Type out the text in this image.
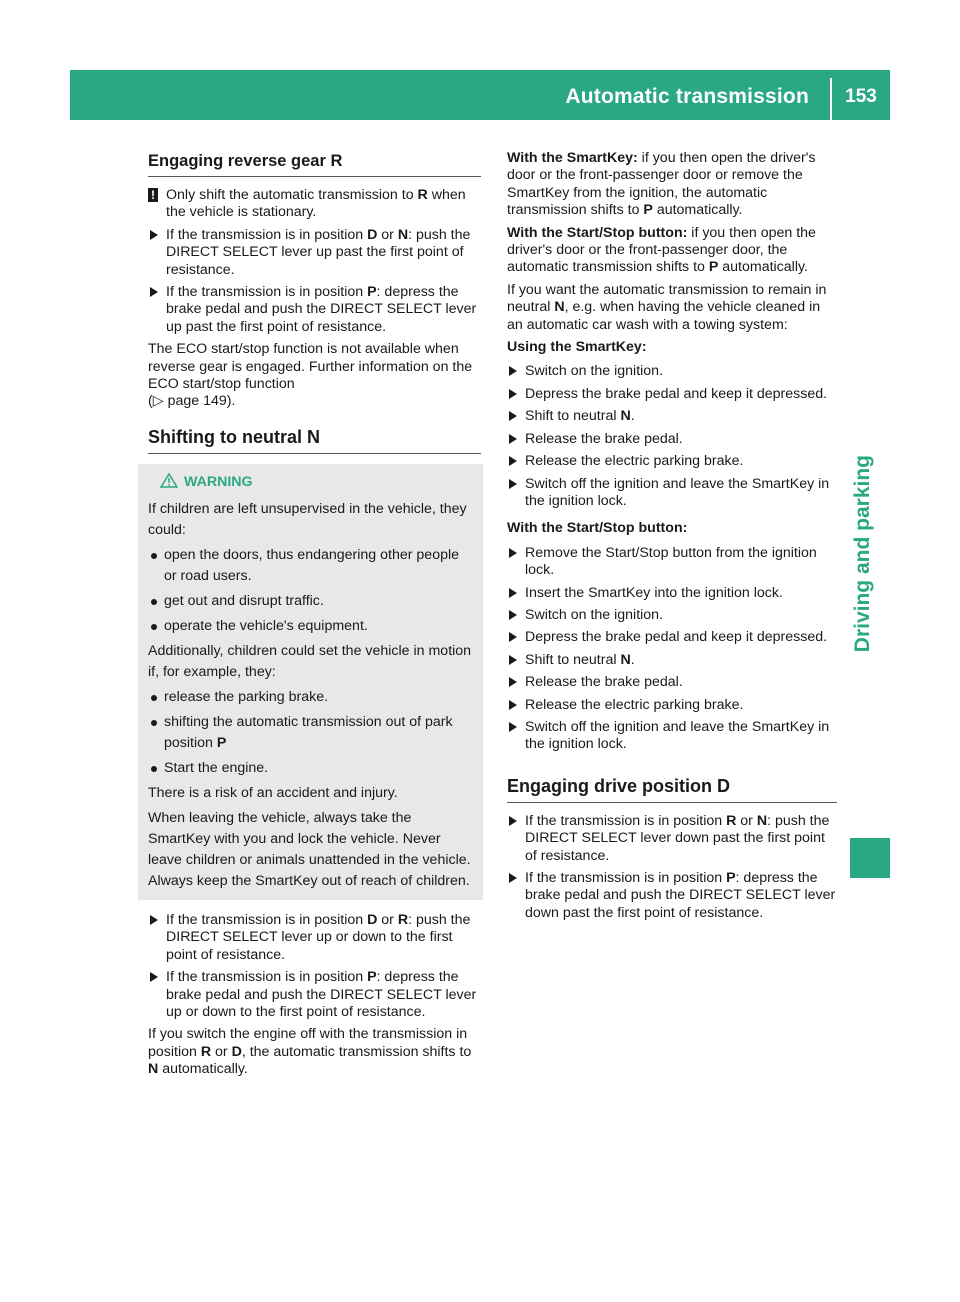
Automatic transmission	153
Driving and parking
Engaging reverse gear R
! Only shift the automatic transmission to R when the vehicle is stationary.
If the transmission is in position D or N: push the DIRECT SELECT lever up past the first point of resistance.
If the transmission is in position P: depress the brake pedal and push the DIRECT SELECT lever up past the first point of resistance.

The ECO start/stop function is not available when reverse gear is engaged. Further information on the ECO start/stop function
(▷ page 149).

Shifting to neutral N
WARNING

If children are left unsupervised in the vehicle, they could:

open the doors, thus endangering other people or road users.
get out and disrupt traffic.
operate the vehicle's equipment.

Additionally, children could set the vehicle in motion if, for example, they:

release the parking brake.
shifting the automatic transmission out of park position P
Start the engine.

There is a risk of an accident and injury.

When leaving the vehicle, always take the SmartKey with you and lock the vehicle. Never leave children or animals unattended in the vehicle. Always keep the SmartKey out of reach of children.

If the transmission is in position D or R: push the DIRECT SELECT lever up or down to the first point of resistance.
If the transmission is in position P: depress the brake pedal and push the DIRECT SELECT lever up or down to the first point of resistance.

If you switch the engine off with the transmission in position R or D, the automatic transmission shifts to N automatically.

With the SmartKey: if you then open the driver's door or the front-passenger door or remove the SmartKey from the ignition, the automatic transmission shifts to P automatically.

With the Start/Stop button: if you then open the driver's door or the front-passenger door, the automatic transmission shifts to P automatically.

If you want the automatic transmission to remain in neutral N, e.g. when having the vehicle cleaned in an automatic car wash with a towing system:

Using the SmartKey:

Switch on the ignition.
Depress the brake pedal and keep it depressed.
Shift to neutral N.
Release the brake pedal.
Release the electric parking brake.
Switch off the ignition and leave the SmartKey in the ignition lock.

With the Start/Stop button:

Remove the Start/Stop button from the ignition lock.
Insert the SmartKey into the ignition lock.
Switch on the ignition.
Depress the brake pedal and keep it depressed.
Shift to neutral N.
Release the brake pedal.
Release the electric parking brake.
Switch off the ignition and leave the SmartKey in the ignition lock.
Engaging drive position D
If the transmission is in position R or N: push the DIRECT SELECT lever down past the first point of resistance.
If the transmission is in position P: depress the brake pedal and push the DIRECT SELECT lever down past the first point of resistance.
